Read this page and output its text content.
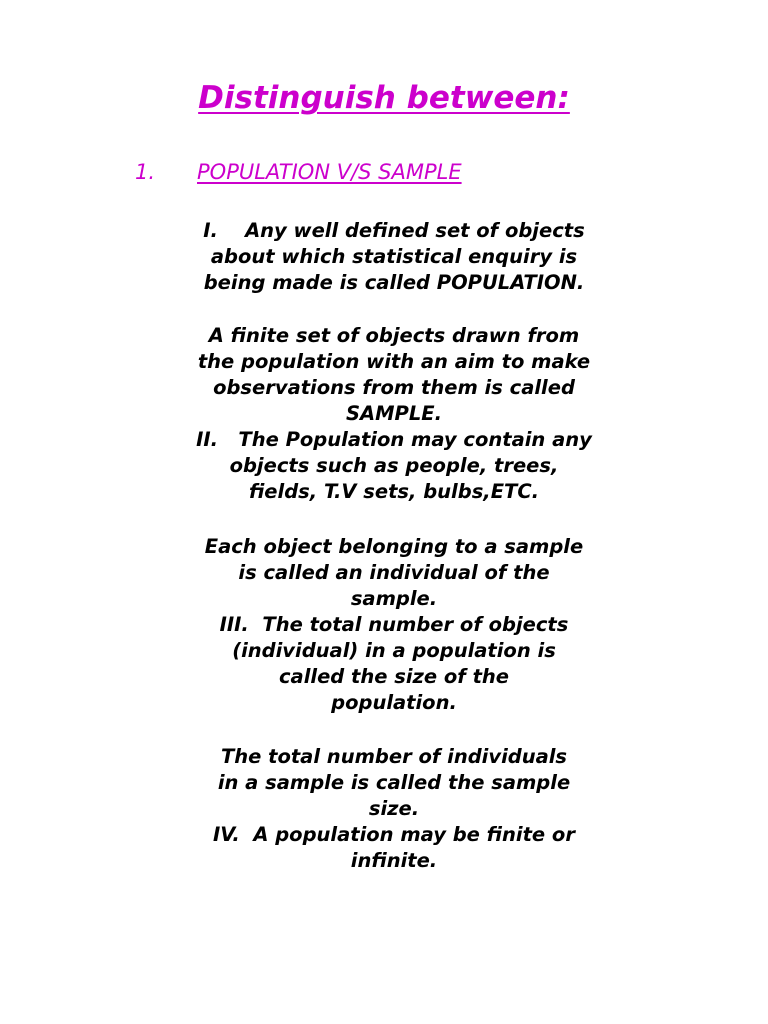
Distinguish between:
1. POPULATION V/S SAMPLE
I.    Any well defined set of objects
about which statistical enquiry is
being made is called POPULATION.
A finite set of objects drawn from
the population with an aim to make
observations from them is called
SAMPLE.
II.   The Population may contain any
objects such as people, trees,
fields, T.V sets, bulbs,ETC.
Each object belonging to a sample
is called an individual of the
sample.
III.  The total number of objects
(individual) in a population is
called the size of the
population.
The total number of individuals
in a sample is called the sample
size.
IV.  A population may be finite or
infinite.
